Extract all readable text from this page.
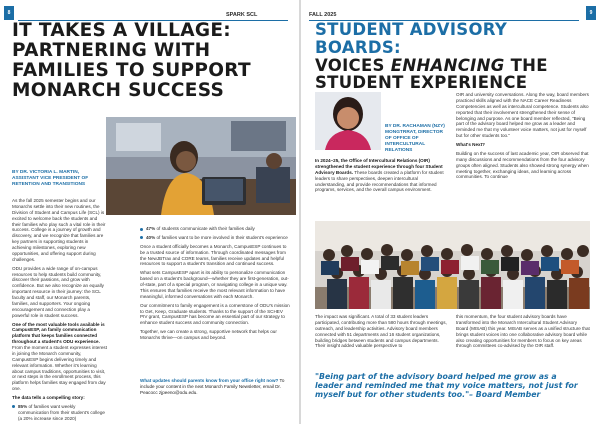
8	SPARK SCL
IT TAKES A VILLAGE: PARTNERING WITH FAMILIES TO SUPPORT MONARCH SUCCESS
BY DR. VICTORIA L. MARTIN, ASSISTANT VICE PRESIDENT OF RETENTION AND TRANSITIONS

As the fall 2025 semester begins and our Monarchs settle into their new routines, the Division of Student and Campus Life (SCL) is excited to welcome back the students and their families who play such a vital role in their success. College is a journey of growth and discovery, and we recognize that families are key partners in supporting students in achieving milestones, exploring new opportunities, and offering support during challenges.

ODU provides a wide range of on-campus resources to help students build community, discover their passions, and grow with confidence. But we also recognize an equally important resource in their journey: the SCL faculty and staff, our Monarch parents, families, and supporters. Your ongoing encouragement and connection play a powerful role in student success.

One of the most valuable tools available is CampusESP, an family communication platform that keeps families connected throughout a student's ODU experience. From the moment a student expresses interest in joining the Monarch community, CampusESP begins delivering timely and relevant information. Whether it's learning about campus traditions, opportunities to visit, or next steps in the enrollment process, this platform helps families stay engaged from day one.

The data tells a compelling story:

85% of families want weekly communication from their student's college (a 20% increase since 2020)
47% of students communicate with their families daily
40% of families want to be more involved in their student's experience

Once a student officially becomes a Monarch, CampusESP continues to be a trusted source of information. Through coordinated messages from the NewJBTrax and CORE teams, families receive updates and helpful resources to support a student's transition and continued success.

What sets CampusESP apart is its ability to personalize communication based on a student's background—whether they are first-generation, out-of-state, part of a special program, or navigating college in a unique way. This ensures that families receive the most relevant information to have meaningful, informed conversations with each Monarch.

Our commitment to family engagement is a cornerstone of ODU's mission to Get, Keep, Graduate students. Thanks to the support of the SCHEV PIV grant, CampusESP has become an essential part of our strategy to enhance student success and community connection.

Together, we can create a strong, supportive network that helps our Monarchs thrive—on campus and beyond.

What updates should parents know from your office right now? To include your content in the next Monarch Family Newsletter, email Dr. Peacocc zjpeeno@odu.edu.
FALL 2025	9
STUDENT ADVISORY BOARDS:
VOICES ENHANCING THE STUDENT EXPERIENCE
BY DR. RACHAMAN (NZY) MONGTRRAT, DIRECTOR OF OFFICE OF INTERCULTURAL RELATIONS

In 2024–25, the Office of Intercultural Relations (OIR) strengthened the student experience through four Student Advisory Boards. These boards created a platform for student leaders to share perspectives, deepen intercultural understanding, and provide recommendations that informed programs, services, and the overall campus environment.

OIR and university conversations. Along the way, board members practiced skills aligned with the NACE Career Readiness Competencies as well as intercultural competence. Students also reported that their involvement strengthened their sense of belonging and purpose. As one board member reflected, "Being part of the advisory board helped me grow as a leader and reminded me that my volunteer voice matters, not just for myself but for other students too."

What's Next?

Building on the success of last academic year, OIR observed that many discussions and recommendations from the four advisory groups often aligned. Students also showed strong synergy when meeting together, exchanging ideas, and learning across communities. To continue

The impact was significant. A total of 33 student leaders participated, contributing more than 580 hours through meetings, outreach, and leadership activities. Advisory board members connected with 51 departments and 16 student organizations, building bridges between students and campus departments. Their insight added valuable perspective to
this momentum, the four student advisory boards have transformed into the Monarch Intercultural Student Advisory Board (MISAB) this year. MISAB serves as a unified structure that brings student voices into one collaborative advisory board while also creating opportunities for members to focus on key areas through committees co-advised by the OIR staff.
"Being part of the advisory board helped me grow as a leader and reminded me that my voice matters, not just for myself but for other students too."– Board Member
